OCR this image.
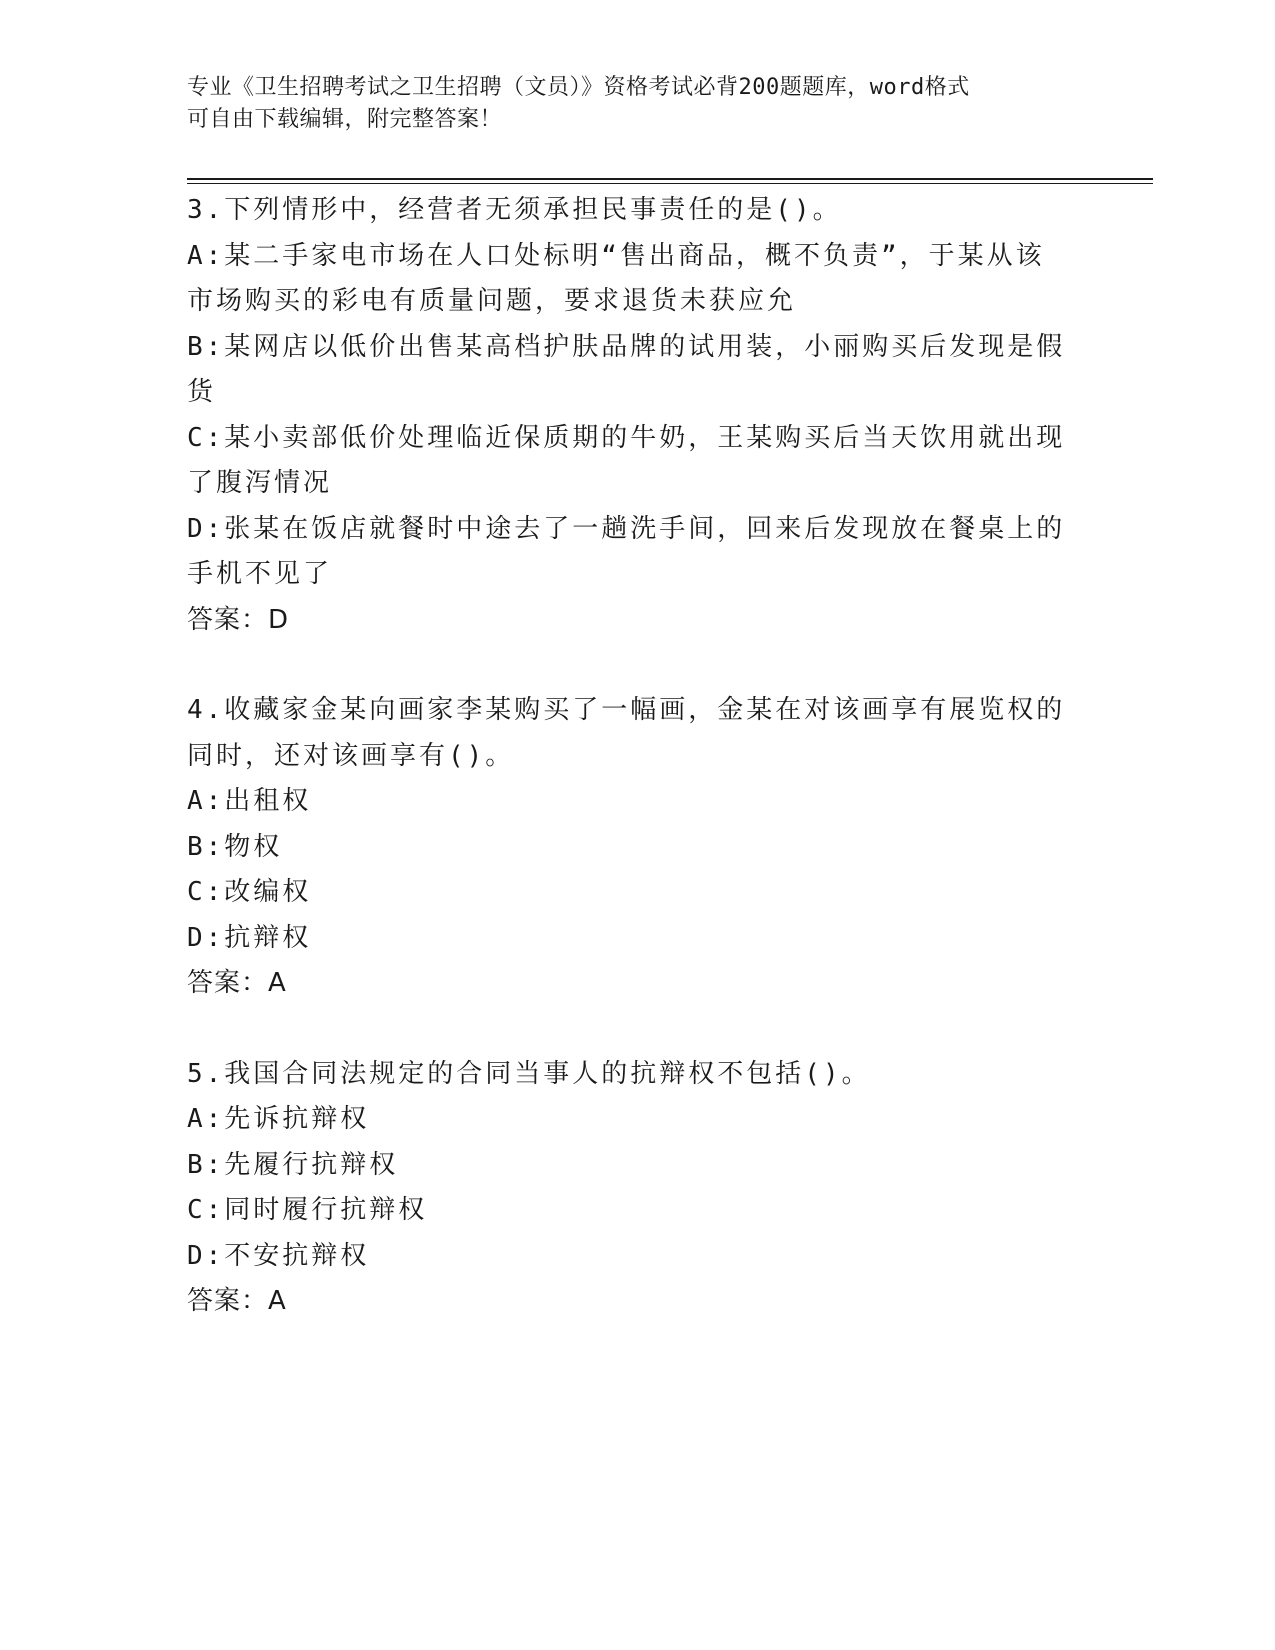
专业《卫生招聘考试之卫生招聘（文员）》资格考试必背200题题库，word格式

可自由下载编辑，附完整答案！

3.下列情形中，经营者无须承担民事责任的是()。

A:某二手家电市场在人口处标明“售出商品，概不负责”，于某从该

市场购买的彩电有质量问题，要求退货未获应允

B:某网店以低价出售某高档护肤品牌的试用装，小丽购买后发现是假

货

C:某小卖部低价处理临近保质期的牛奶，王某购买后当天饮用就出现

了腹泻情况

D:张某在饭店就餐时中途去了一趟洗手间，回来后发现放在餐桌上的

手机不见了

答案：D

4.收藏家金某向画家李某购买了一幅画，金某在对该画享有展览权的

同时，还对该画享有()。

A:出租权

B:物权

C:改编权

D:抗辩权

答案：A

5.我国合同法规定的合同当事人的抗辩权不包括()。

A:先诉抗辩权

B:先履行抗辩权

C:同时履行抗辩权

D:不安抗辩权

答案：A
